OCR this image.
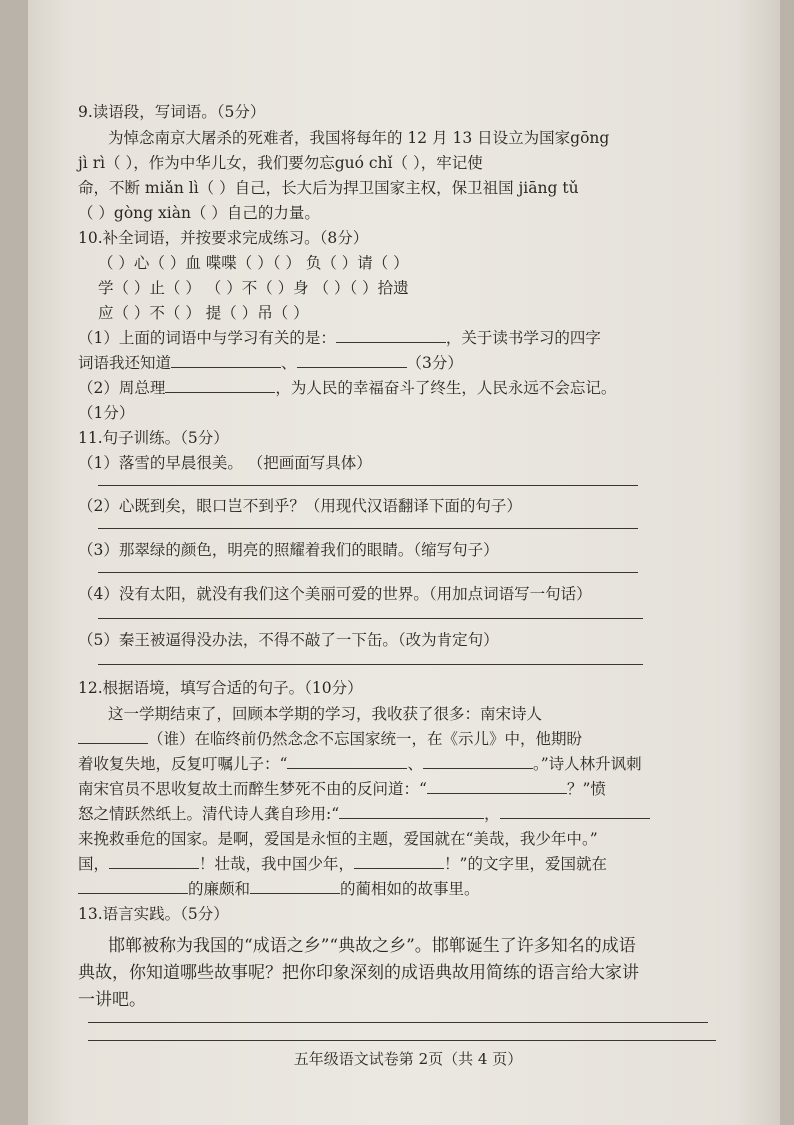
9.读语段，写词语。（5分）
为悼念南京大屠杀的死难者，我国将每年的 12 月 13 日设立为国家gōng
jì rì（ ），作为中华儿女，我们要勿忘guó chǐ（ ），牢记使
命，不断 miǎn lì（ ）自己，长大后为捍卫国家主权，保卫祖国 jiāng tǔ
（ ）gòng xiàn（ ）自己的力量。
10.补全词语，并按要求完成练习。（8分）
（ ）心（ ）血 喋喋（ ）（ ） 负（ ）请（ ）
学（ ）止（ ） （ ）不（ ）身 （ ）（ ）拾遗
应（ ）不（ ） 提（ ）吊（ ）
（1）上面的词语中与学习有关的是：	，关于读书学习的四字
词语我还知道	、	（3分）
（2）周总理	，为人民的幸福奋斗了终生，人民永远不会忘记。
（1分）
11.句子训练。（5分）
（1）落雪的早晨很美。 （把画面写具体）
（2）心既到矣，眼口岂不到乎？（用现代汉语翻译下面的句子）
（3）那翠绿的颜色，明亮的照耀着我们的眼睛。（缩写句子）
（4）没有太阳，就没有我们这个美丽可爱的世界。（用加点词语写一句话）
（5）秦王被逼得没办法，不得不敲了一下缶。（改为肯定句）
12.根据语境，填写合适的句子。（10分）
这一学期结束了，回顾本学期的学习，我收获了很多：南宋诗人
（谁）在临终前仍然念念不忘国家统一，在《示儿》中，他期盼
着收复失地，反复叮嘱儿子：“	、	。”诗人林升讽刺
南宋官员不思收复故土而醉生梦死不由的反问道：“	？”愤
怒之情跃然纸上。清代诗人龚自珍用:“	，
来挽救垂危的国家。是啊，爱国是永恒的主题，爱国就在“美哉，我少年中。”
国，	！壮哉，我中国少年，	！”的文字里，爱国就在
的廉颇和	的蔺相如的故事里。
13.语言实践。（5分）
邯郸被称为我国的“成语之乡”“典故之乡”。邯郸诞生了许多知名的成语
典故，你知道哪些故事呢？把你印象深刻的成语典故用简练的语言给大家讲
一讲吧。
五年级语文试卷第 2页（共 4 页）
